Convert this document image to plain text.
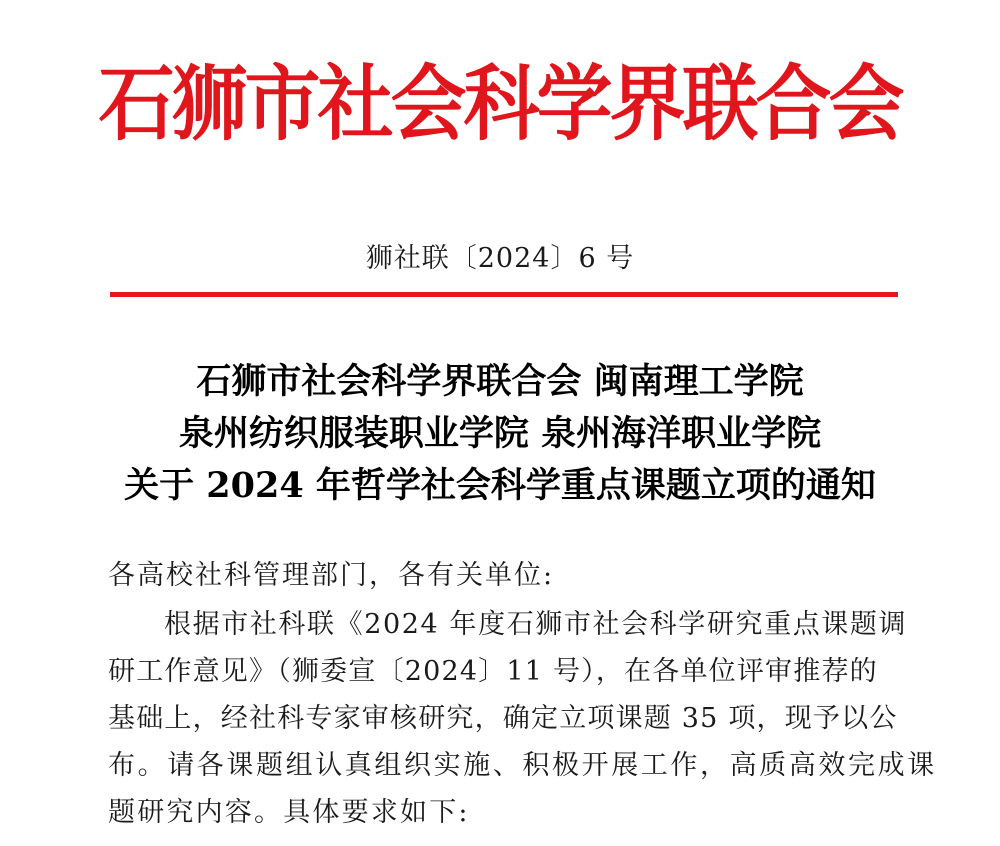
石狮市社会科学界联合会
狮社联〔2024〕6 号
石狮市社会科学界联合会 闽南理工学院
泉州纺织服装职业学院 泉州海洋职业学院
关于 2024 年哲学社会科学重点课题立项的通知
各高校社科管理部门，各有关单位:
根据市社科联《2024 年度石狮市社会科学研究重点课题调
研工作意见》（狮委宣〔2024〕11 号），在各单位评审推荐的
基础上，经社科专家审核研究，确定立项课题 35 项，现予以公
布。请各课题组认真组织实施、积极开展工作，高质高效完成课
题研究内容。具体要求如下:
